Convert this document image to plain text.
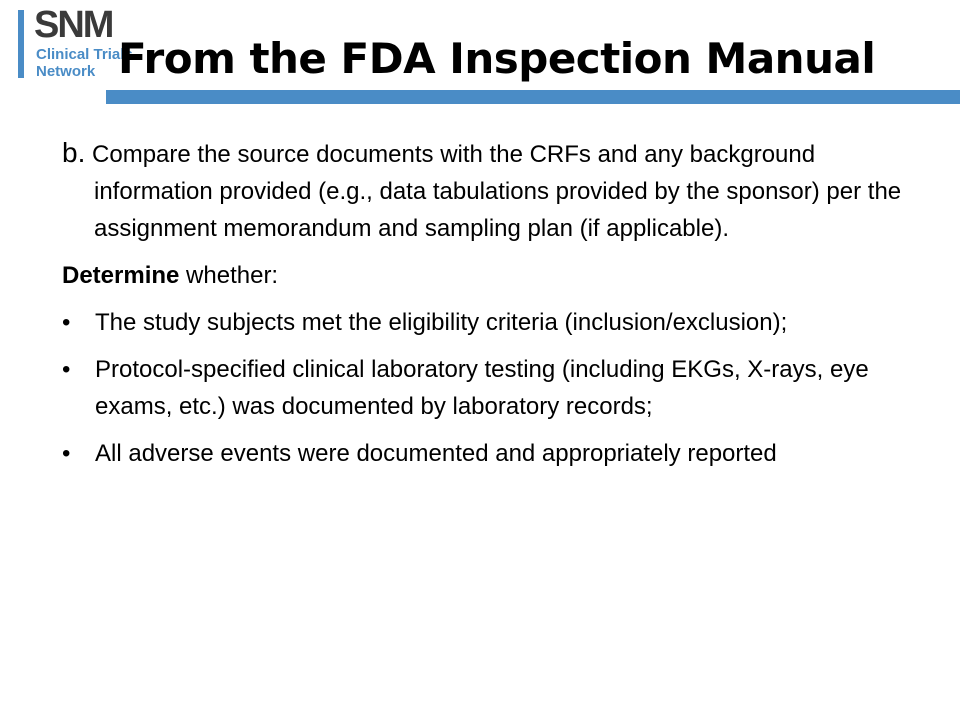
SNM
Clinical Trials
Network From the FDA Inspection Manual

b. Compare the source documents with the CRFs and any background information provided (e.g., data tabulations provided by the sponsor) per the assignment memorandum and sampling plan (if applicable).

Determine whether:

• The study subjects met the eligibility criteria (inclusion/exclusion);
• Protocol-specified clinical laboratory testing (including EKGs, X-rays, eye exams, etc.) was documented by laboratory records;
• All adverse events were documented and appropriately reported
